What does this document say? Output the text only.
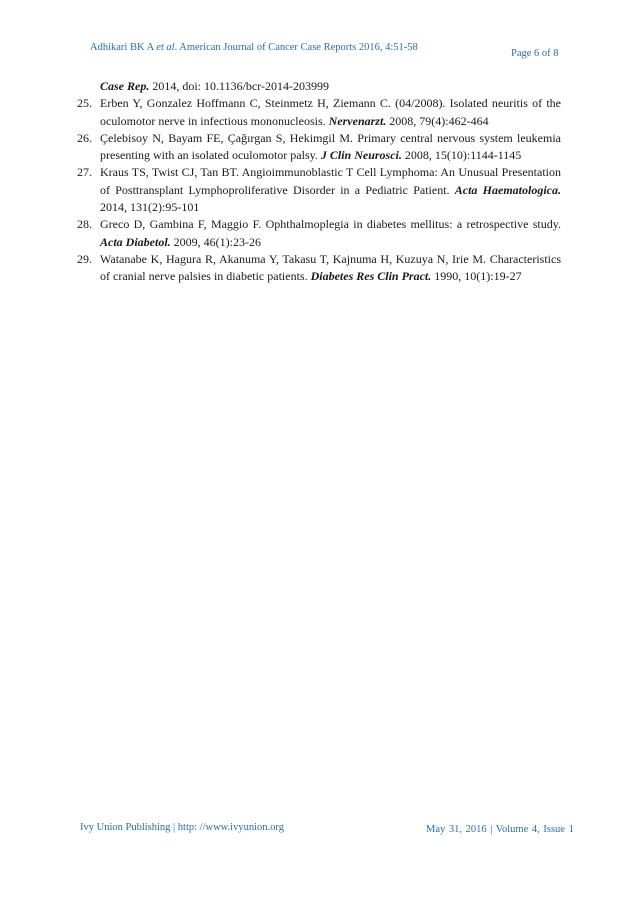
Adhikari BK A et al. American Journal of Cancer Case Reports 2016, 4:51-58
Page 6 of 8
Case Rep. 2014, doi: 10.1136/bcr-2014-203999
25. Erben Y, Gonzalez Hoffmann C, Steinmetz H, Ziemann C. (04/2008). Isolated neuritis of the oculomotor nerve in infectious mononucleosis. Nervenarzt. 2008, 79(4):462-464
26. Çelebisoy N, Bayam FE, Çağırgan S, Hekimgil M. Primary central nervous system leukemia presenting with an isolated oculomotor palsy. J Clin Neurosci. 2008, 15(10):1144-1145
27. Kraus TS, Twist CJ, Tan BT. Angioimmunoblastic T Cell Lymphoma: An Unusual Presentation of Posttransplant Lymphoproliferative Disorder in a Pediatric Patient. Acta Haematologica. 2014, 131(2):95-101
28. Greco D, Gambina F, Maggio F. Ophthalmoplegia in diabetes mellitus: a retrospective study. Acta Diabetol. 2009, 46(1):23-26
29. Watanabe K, Hagura R, Akanuma Y, Takasu T, Kajnuma H, Kuzuya N, Irie M. Characteristics of cranial nerve palsies in diabetic patients. Diabetes Res Clin Pract. 1990, 10(1):19-27
Ivy Union Publishing | http: //www.ivyunion.org	May 31, 2016 | Volume 4, Issue 1
